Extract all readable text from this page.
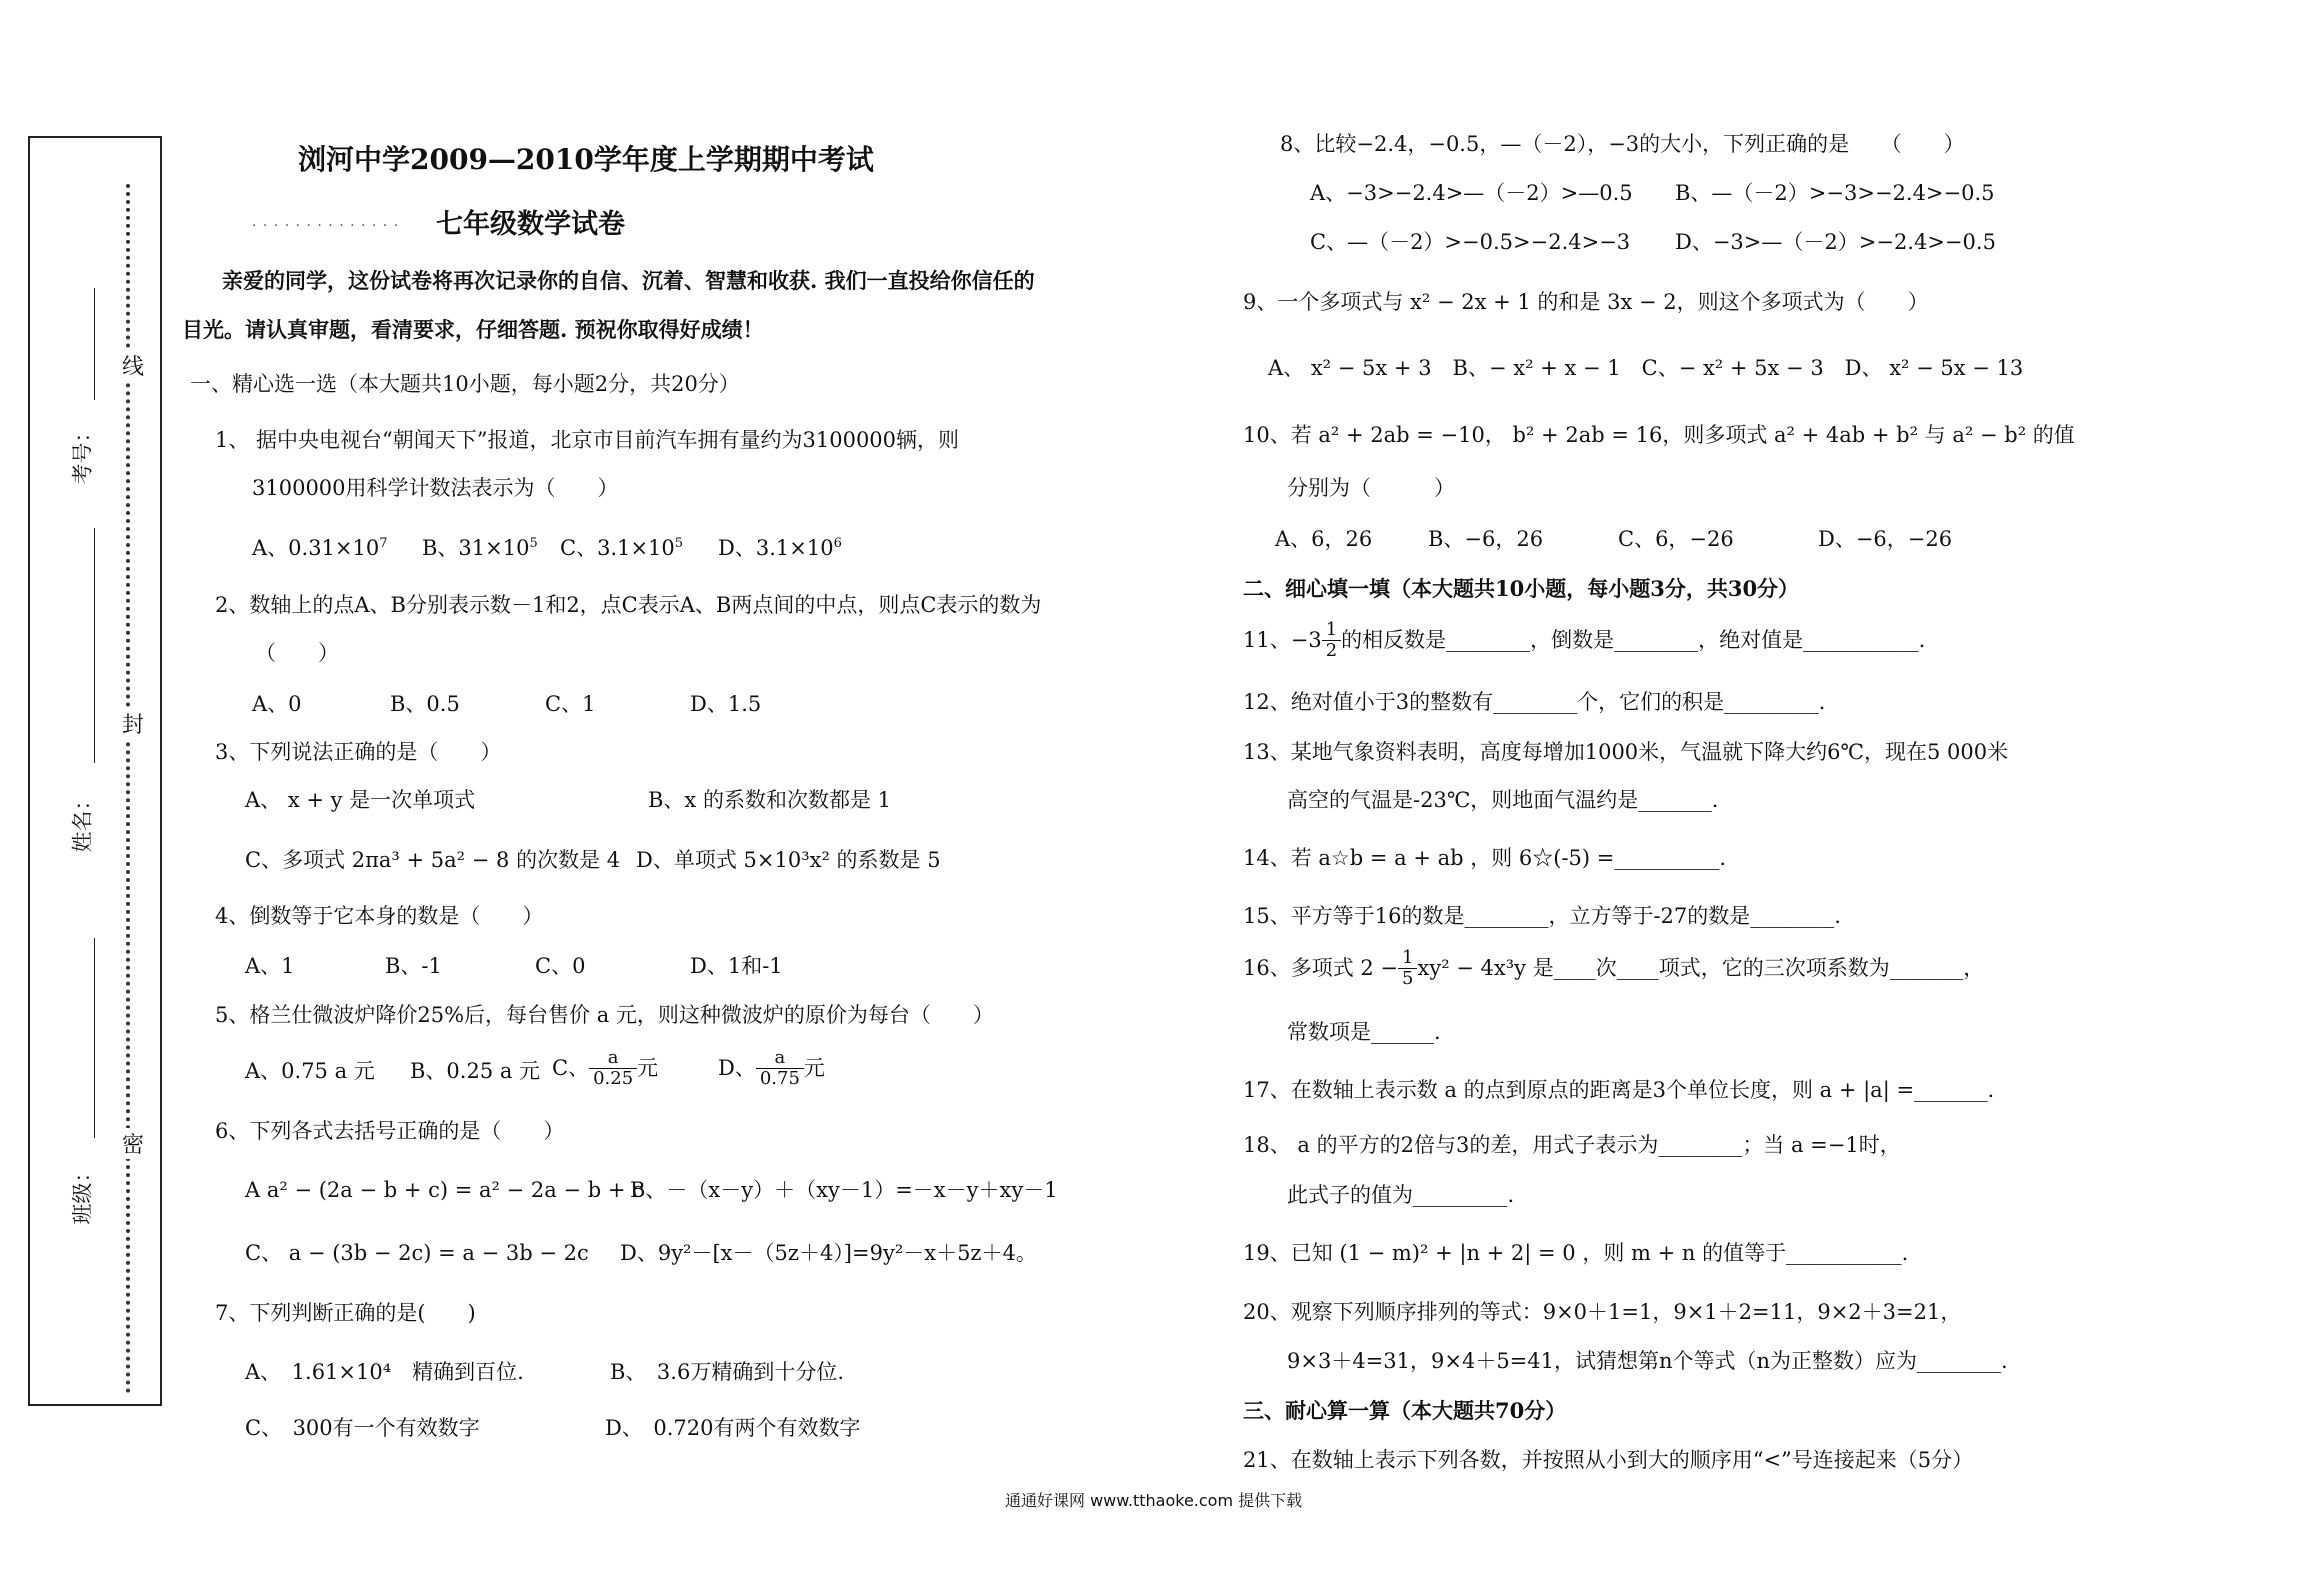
线
封
密
考号：
姓名：
班级：
浏河中学2009—2010学年度上学期期中考试
· · · · · · · · · · · · · · 七年级数学试卷
亲爱的同学，这份试卷将再次记录你的自信、沉着、智慧和收获. 我们一直投给你信任的
目光。请认真审题，看清要求，仔细答题. 预祝你取得好成绩！
一、精心选一选（本大题共10小题，每小题2分，共20分）
1、 据中央电视台“朝闻天下”报道，北京市目前汽车拥有量约为3100000辆，则
3100000用科学计数法表示为（　　）
A、$0.31\times 10^7$ B、$31\times 10^5$ C、$3.1\times 10^5$ D、$3.1\times 10^6$
2、数轴上的点A、B分别表示数－1和2，点C表示A、B两点间的中点，则点C表示的数为
（　　）
A、0	B、0.5	C、1	D、1.5
3、下列说法正确的是（　　）
A、 x + y 是一次单项式	B、x 的系数和次数都是 1
C、多项式 2πa³ + 5a² − 8 的次数是 4 D、单项式 5×10³x² 的系数是 5
4、倒数等于它本身的数是（　　）
A、1	B、-1	C、0	D、1和-1
5、格兰仕微波炉降价25%后，每台售价 a 元，则这种微波炉的原价为每台（　　）
A、0.75 a 元 B、0.25 a 元 C、 $\frac{a}{0.25}$ 元	D、 $\frac{a}{0.75}$ 元
6、下列各式去括号正确的是（　　）
A a² − (2a − b + c) = a² − 2a − b + c
B、－（x－y）＋（xy－1）=－x－y＋xy－1
C、 a − (3b − 2c) = a − 3b − 2c D、9y²－[x－（5z＋4）]=9y²－x＋5z＋4。
7、下列判断正确的是(　　)
A、　1.61×10⁴　精确到百位.	B、　3.6万精确到十分位.
C、　300有一个有效数字	D、　0.720有两个有效数字
8、比较−2.4，−0.5，—（－2），−3的大小，下列正确的是　　（　　）
A、−3>−2.4>—（－2）>—0.5 B、—（－2）>−3>−2.4>−0.5
C、—（－2）>−0.5>−2.4>−3 D、−3>—（－2）>−2.4>−0.5
9、一个多项式与 x² − 2x + 1 的和是 3x − 2，则这个多项式为（　　）
A、 x² − 5x + 3　B、− x² + x − 1　C、− x² + 5x − 3　D、 x² − 5x − 13
10、若 a² + 2ab = −10， b² + 2ab = 16，则多项式 a² + 4ab + b² 与 a² − b² 的值
分别为（　　　）
A、6，26	B、−6，26	C、6，−26	D、−6，−26
二、细心填一填（本大题共10小题，每小题3分，共30分）
11、$-3 \frac{1}{2}$ 的相反数是________，倒数是________，绝对值是___________.
12、绝对值小于3的整数有________个，它们的积是_________.
13、某地气象资料表明，高度每增加1000米，气温就下降大约6℃，现在5 000米
高空的气温是-23℃，则地面气温约是_______.
14、若 a☆b = a + ab ，则 6☆(-5) =__________.
15、平方等于16的数是________，立方等于-27的数是________.
16、多项式 $2 - \frac{1}{5} xy^2 - 4x^3y$ 是____次____项式，它的三次项系数为_______，
常数项是______.
17、在数轴上表示数 a 的点到原点的距离是3个单位长度，则 a + |a| =_______.
18、 a 的平方的2倍与3的差，用式子表示为________；当 a =−1时，
此式子的值为_________.
19、已知 (1 − m)² + |n + 2| = 0 ，则 m + n 的值等于___________.
20、观察下列顺序排列的等式：9×0＋1=1，9×1＋2=11，9×2＋3=21，
9×3＋4=31，9×4＋5=41，试猜想第n个等式（n为正整数）应为________.
三、耐心算一算（本大题共70分）
21、在数轴上表示下列各数，并按照从小到大的顺序用“<”号连接起来（5分）
通通好课网 www.tthaoke.com 提供下载
